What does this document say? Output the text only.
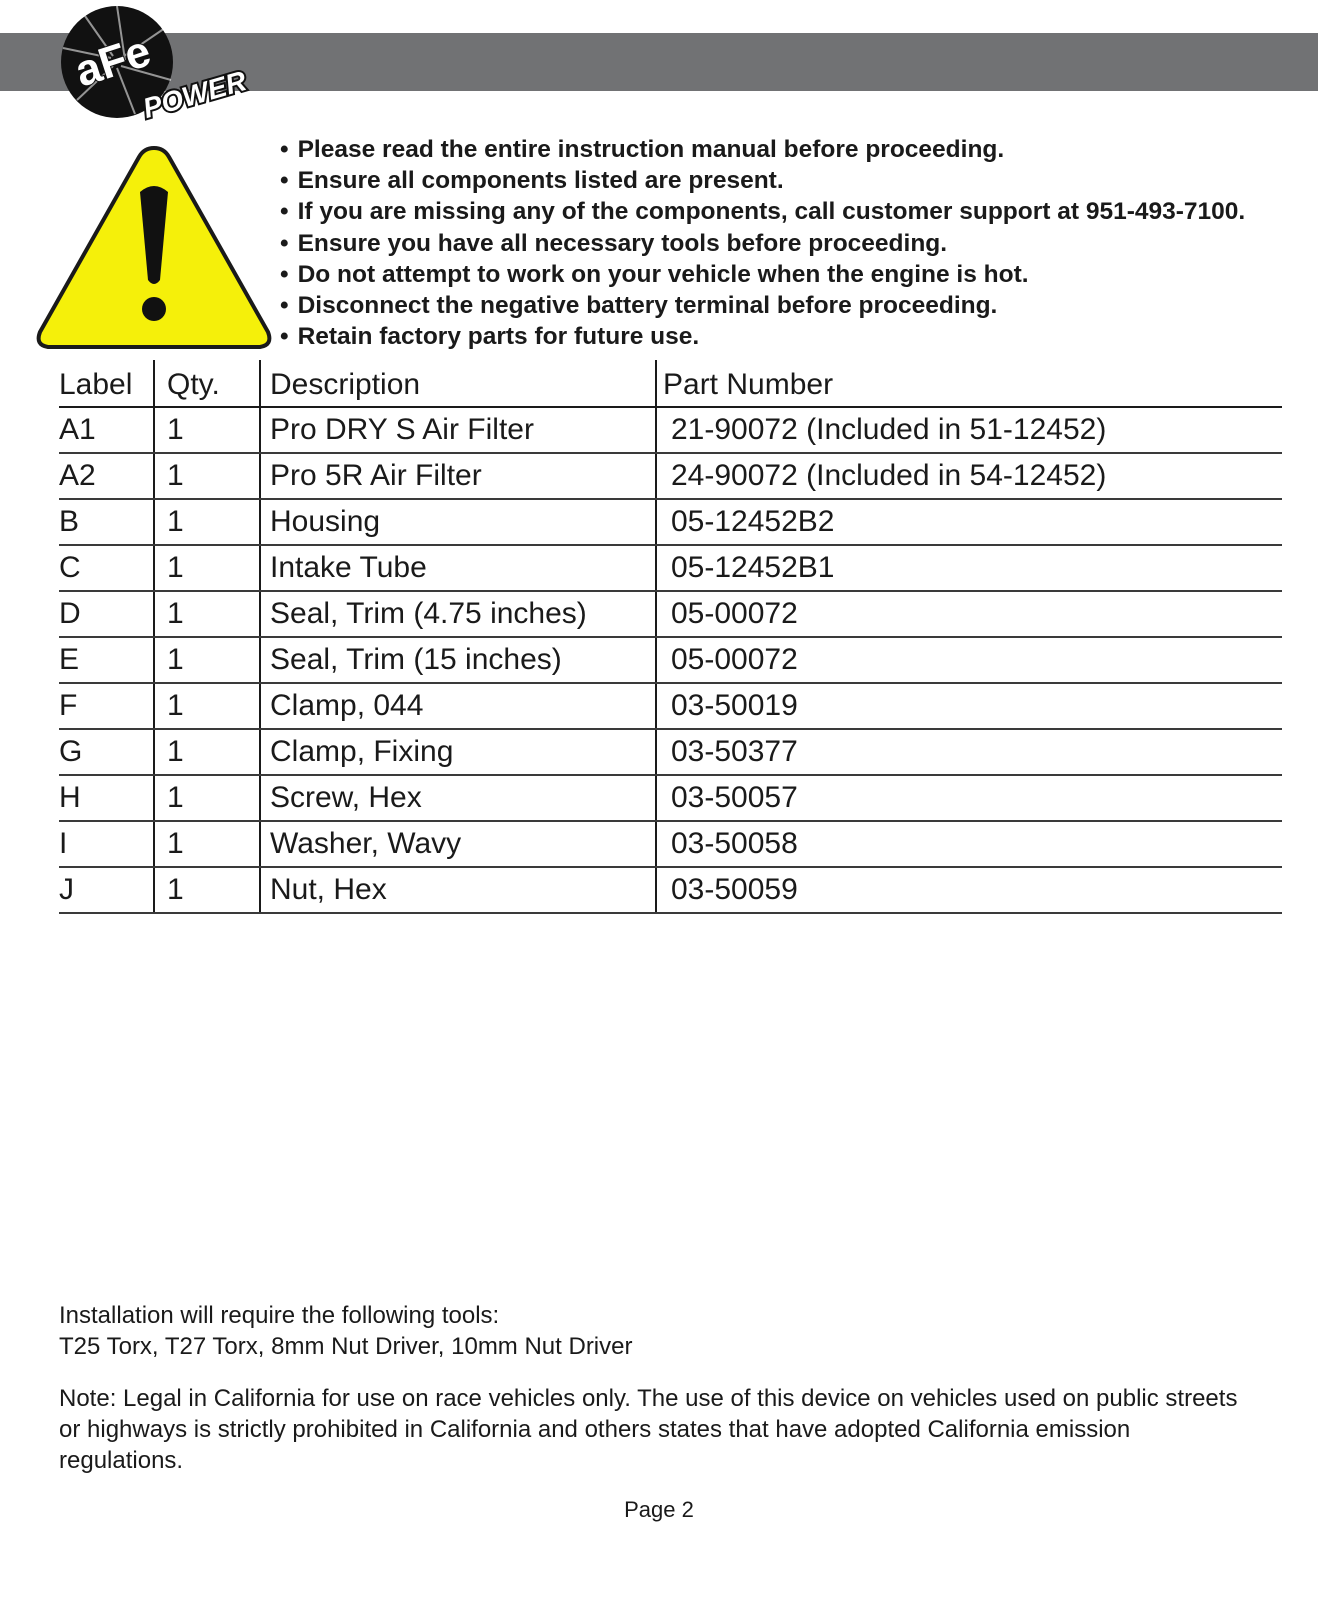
aFe
POWER
• Please read the entire instruction manual before proceeding.
• Ensure all components listed are present.
• If you are missing any of the components, call customer support at 951-493-7100.
• Ensure you have all necessary tools before proceeding.
• Do not attempt to work on your vehicle when the engine is hot.
• Disconnect the negative battery terminal before proceeding.
• Retain factory parts for future use.
Label	Qty.	Description	Part Number
A1	1	Pro DRY S Air Filter	21-90072 (Included in 51-12452)
A2	1	Pro 5R Air Filter	24-90072 (Included in 54-12452)
B	1	Housing	05-12452B2
C	1	Intake Tube	05-12452B1
D	1	Seal, Trim (4.75 inches)	05-00072
E	1	Seal, Trim (15 inches)	05-00072
F	1	Clamp, 044	03-50019
G	1	Clamp, Fixing	03-50377
H	1	Screw, Hex	03-50057
I	1	Washer, Wavy	03-50058
J	1	Nut, Hex	03-50059
Installation will require the following tools:
T25 Torx, T27 Torx, 8mm Nut Driver, 10mm Nut Driver
Note: Legal in California for use on race vehicles only. The use of this device on vehicles used on public streets or highways is strictly prohibited in California and others states that have adopted California emission regulations.
Page 2
